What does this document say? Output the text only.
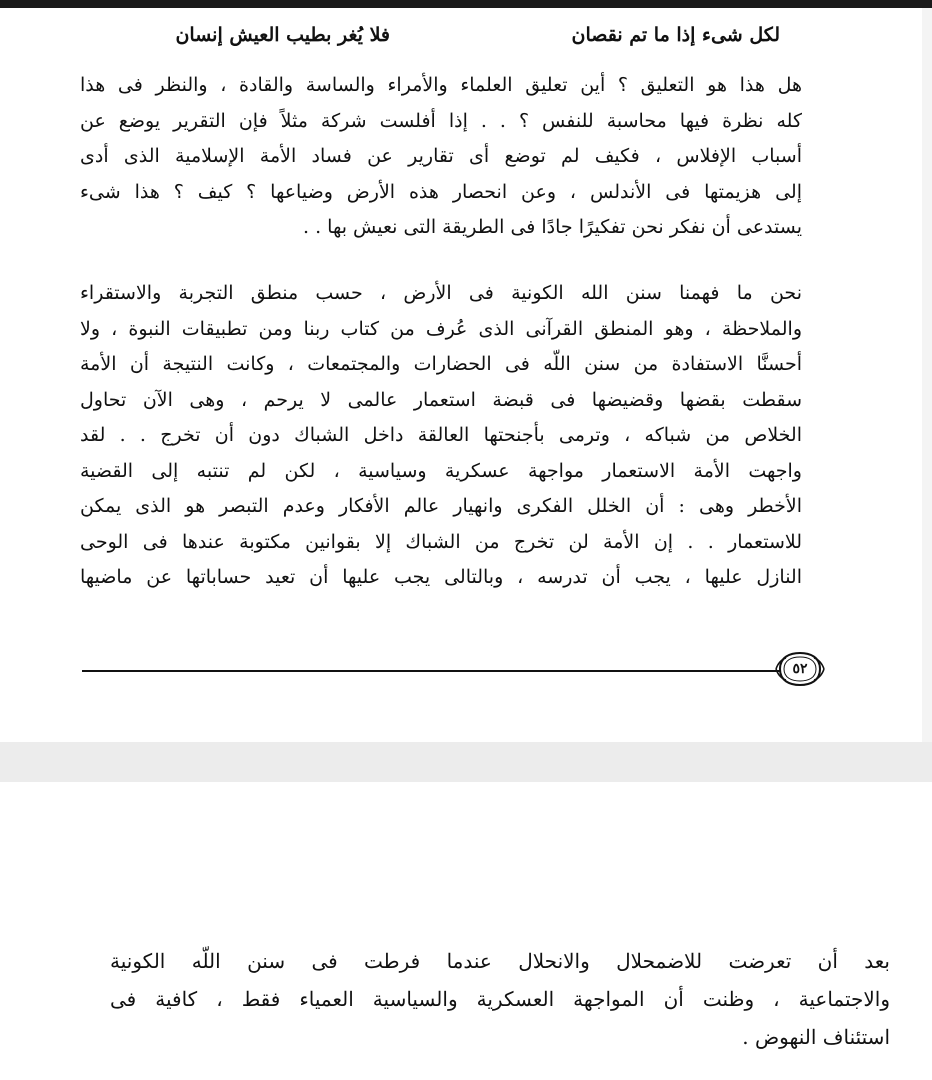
لكل شىء إذا ما تم نقصان
فلا يُغر بطيب العيش إنسان
هل هذا هو التعليق ؟ أين تعليق العلماء والأمراء والساسة والقادة ، والنظر فى هذا
كله نظرة فيها محاسبة للنفس ؟ . . إذا أفلست شركة مثلاً فإن التقرير يوضع عن
أسباب الإفلاس ، فكيف لم توضع أى تقارير عن فساد الأمة الإسلامية الذى أدى
إلى هزيمتها فى الأندلس ، وعن انحصار هذه الأرض وضياعها ؟ كيف ؟ هذا شىء
يستدعى أن نفكر نحن تفكيرًا جادًا فى الطريقة التى نعيش بها . .
نحن ما فهمنا سنن الله الكونية فى الأرض ، حسب منطق التجربة والاستقراء
والملاحظة ، وهو المنطق القرآنى الذى عُرف من كتاب ربنا ومن تطبيقات النبوة ، ولا
أحسنَّا الاستفادة من سنن اللّه فى الحضارات والمجتمعات ، وكانت النتيجة أن الأمة
سقطت بقضها وقضيضها فى قبضة استعمار عالمى لا يرحم ، وهى الآن تحاول
الخلاص من شباكه ، وترمى بأجنحتها العالقة داخل الشباك دون أن تخرج . . لقد
واجهت الأمة الاستعمار مواجهة عسكرية وسياسية ، لكن لم تنتبه إلى القضية
الأخطر وهى : أن الخلل الفكرى وانهيار عالم الأفكار وعدم التبصر هو الذى يمكن
للاستعمار . . إن الأمة لن تخرج من الشباك إلا بقوانين مكتوبة عندها فى الوحى
النازل عليها ، يجب أن تدرسه ، وبالتالى يجب عليها أن تعيد حساباتها عن ماضيها
٥٢
بعد أن تعرضت للاضمحلال والانحلال عندما فرطت فى سنن اللّه الكونية
والاجتماعية ، وظنت أن المواجهة العسكرية والسياسية العمياء فقط ، كافية فى
استئناف النهوض .
